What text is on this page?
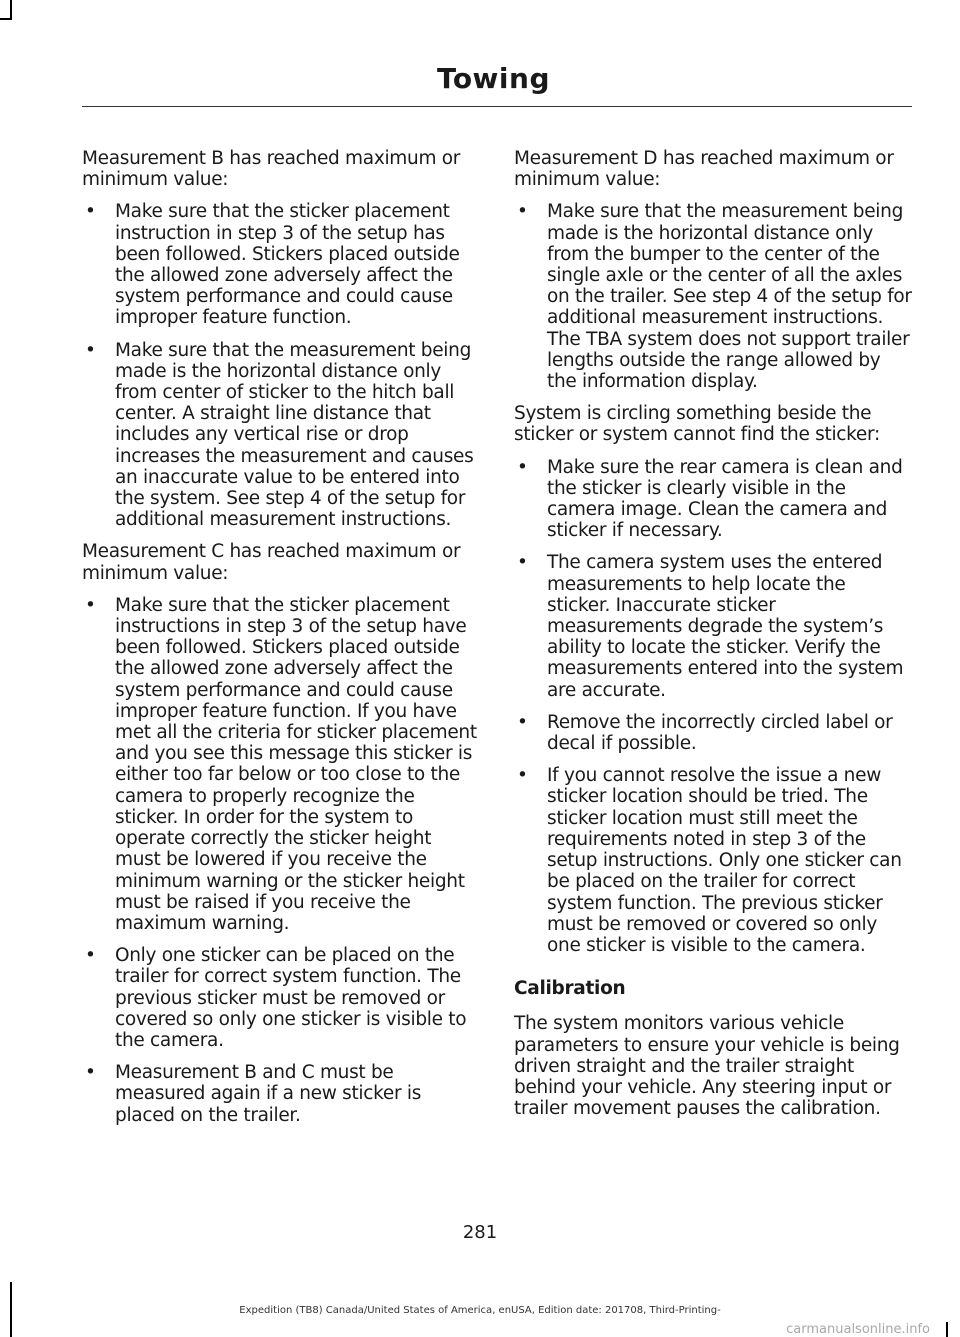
Towing

Measurement B has reached maximum or minimum value:

• Make sure that the sticker placement instruction in step 3 of the setup has been followed. Stickers placed outside the allowed zone adversely affect the system performance and could cause improper feature function.
• Make sure that the measurement being made is the horizontal distance only from center of sticker to the hitch ball center. A straight line distance that includes any vertical rise or drop increases the measurement and causes an inaccurate value to be entered into the system. See step 4 of the setup for additional measurement instructions.

Measurement C has reached maximum or minimum value:

• Make sure that the sticker placement instructions in step 3 of the setup have been followed. Stickers placed outside the allowed zone adversely affect the system performance and could cause improper feature function. If you have met all the criteria for sticker placement and you see this message this sticker is either too far below or too close to the camera to properly recognize the sticker. In order for the system to operate correctly the sticker height must be lowered if you receive the minimum warning or the sticker height must be raised if you receive the maximum warning.
• Only one sticker can be placed on the trailer for correct system function. The previous sticker must be removed or covered so only one sticker is visible to the camera.
• Measurement B and C must be measured again if a new sticker is placed on the trailer.

Measurement D has reached maximum or minimum value:

• Make sure that the measurement being made is the horizontal distance only from the bumper to the center of the single axle or the center of all the axles on the trailer. See step 4 of the setup for additional measurement instructions. The TBA system does not support trailer lengths outside the range allowed by the information display.

System is circling something beside the sticker or system cannot find the sticker:

• Make sure the rear camera is clean and the sticker is clearly visible in the camera image. Clean the camera and sticker if necessary.
• The camera system uses the entered measurements to help locate the sticker. Inaccurate sticker measurements degrade the system’s ability to locate the sticker. Verify the measurements entered into the system are accurate.
• Remove the incorrectly circled label or decal if possible.
• If you cannot resolve the issue a new sticker location should be tried. The sticker location must still meet the requirements noted in step 3 of the setup instructions. Only one sticker can be placed on the trailer for correct system function. The previous sticker must be removed or covered so only one sticker is visible to the camera.
Calibration

The system monitors various vehicle parameters to ensure your vehicle is being driven straight and the trailer straight behind your vehicle. Any steering input or trailer movement pauses the calibration.

281
Expedition (TB8) Canada/United States of America, enUSA, Edition date: 201708, Third-Printing-
carmanualsonline.info
